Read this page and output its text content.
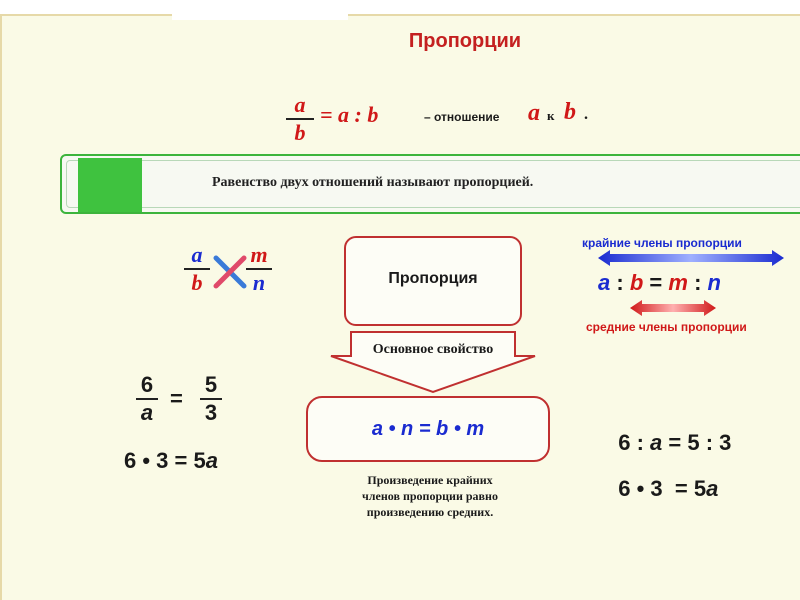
Пропорции
a
b
= a : b	– отношение a к b .
Равенство двух отношений называют пропорцией.
a
b
m
n	Пропорция
Основное свойство
a • n = b • m
Произведение крайних
членов пропорции равно
произведению средних.
крайние члены пропорции
a : b = m : n
средние члены пропорции
6
a
=
5
3
6 • 3 = 5a

6 : a = 5 : 3

6 • 3  = 5a
